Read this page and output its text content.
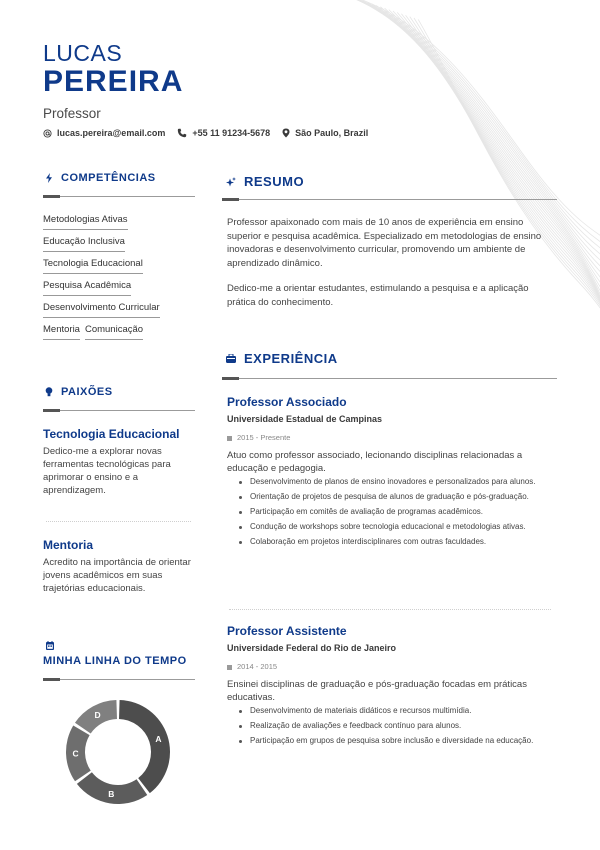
LUCAS
PEREIRA
Professor
lucas.pereira@email.com	+55 11 91234-5678	São Paulo, Brazil
COMPETÊNCIAS
Metodologias Ativas
Educação Inclusiva
Tecnologia Educacional
Pesquisa Acadêmica
Desenvolvimento Curricular
Mentoria Comunicação
PAIXÕES
Tecnologia Educacional
Dedico-me a explorar novas ferramentas tecnológicas para aprimorar o ensino e a aprendizagem.
Mentoria
Acredito na importância de orientar jovens acadêmicos em suas trajetórias educacionais.
MINHA LINHA DO TEMPO
A
B
C
D
RESUMO

Professor apaixonado com mais de 10 anos de experiência em ensino superior e pesquisa acadêmica. Especializado em metodologias de ensino inovadoras e desenvolvimento curricular, promovendo um ambiente de aprendizado dinâmico.

Dedico-me a orientar estudantes, estimulando a pesquisa e a aplicação prática do conhecimento.

EXPERIÊNCIA
Professor Associado
Universidade Estadual de Campinas
2015 - Presente
Atuo como professor associado, lecionando disciplinas relacionadas a educação e pedagogia.
Desenvolvimento de planos de ensino inovadores e personalizados para alunos.
Orientação de projetos de pesquisa de alunos de graduação e pós-graduação.
Participação em comitês de avaliação de programas acadêmicos.
Condução de workshops sobre tecnologia educacional e metodologias ativas.
Colaboração em projetos interdisciplinares com outras faculdades.
Professor Assistente
Universidade Federal do Rio de Janeiro
2014 - 2015
Ensinei disciplinas de graduação e pós-graduação focadas em práticas educativas.
Desenvolvimento de materiais didáticos e recursos multimídia.
Realização de avaliações e feedback contínuo para alunos.
Participação em grupos de pesquisa sobre inclusão e diversidade na educação.
